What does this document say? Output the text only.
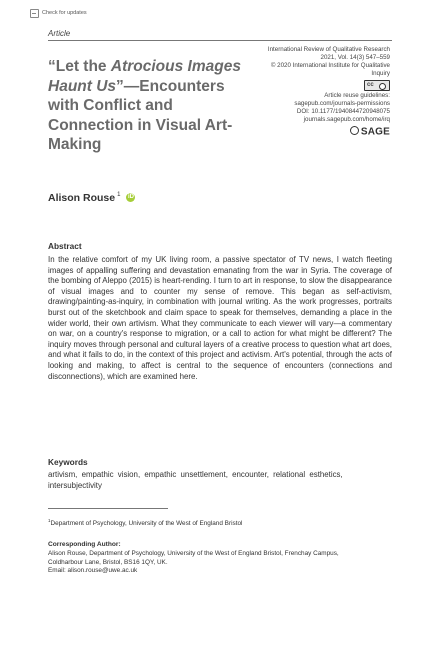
Check for updates
Article
“Let the Atrocious Images Haunt Us”—Encounters with Conflict and Connection in Visual Art-Making
International Review of Qualitative Research
2021, Vol. 14(3) 547–559
© 2020 International Institute for Qualitative Inquiry
cc
Article reuse guidelines:
sagepub.com/journals-permissions
DOI: 10.1177/1940844720948075
journals.sagepub.com/home/irq
SAGE
Alison Rouse $^1$ iD
Abstract
In the relative comfort of my UK living room, a passive spectator of TV news, I watch fleeting images of appalling suffering and devastation emanating from the war in Syria. The coverage of the bombing of Aleppo (2015) is heart-rending. I turn to art in response, to slow the disappearance of visual images and to counter my sense of remove. This began as self-activism, drawing/painting-as-inquiry, in combination with journal writing. As the work progresses, portraits burst out of the sketchbook and claim space to speak for themselves, demanding a place in the wider world, their own artivism. What they communicate to each viewer will vary—a commentary on war, on a country's response to migration, or a call to action for what might be different? The inquiry moves through personal and cultural layers of a creative process to question what art does, and what it fails to do, in the context of this project and activism. Art's potential, through the acts of looking and making, to affect is central to the sequence of encounters (connections and disconnections), which are examined here.
Keywords
artivism, empathic vision, empathic unsettlement, encounter, relational esthetics, intersubjectivity
$^1$Department of Psychology, University of the West of England Bristol
Corresponding Author:
Alison Rouse, Department of Psychology, University of the West of England Bristol, Frenchay Campus,
Coldharbour Lane, Bristol, BS16 1QY, UK.
Email: alison.rouse@uwe.ac.uk
